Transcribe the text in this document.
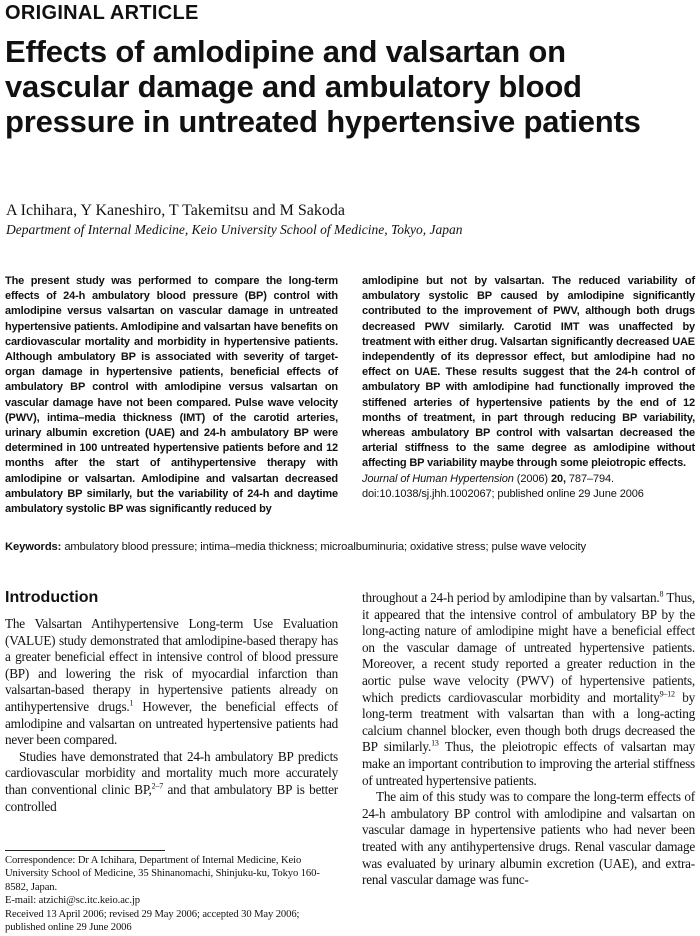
ORIGINAL ARTICLE
Effects of amlodipine and valsartan on vascular damage and ambulatory blood pressure in untreated hypertensive patients
A Ichihara, Y Kaneshiro, T Takemitsu and M Sakoda
Department of Internal Medicine, Keio University School of Medicine, Tokyo, Japan
The present study was performed to compare the long-term effects of 24-h ambulatory blood pressure (BP) control with amlodipine versus valsartan on vascular damage in untreated hypertensive patients. Amlodipine and valsartan have benefits on cardiovascular mortality and morbidity in hypertensive patients. Although ambulatory BP is associated with severity of target-organ damage in hypertensive patients, beneficial effects of ambulatory BP control with amlodipine versus valsartan on vascular damage have not been compared. Pulse wave velocity (PWV), intima–media thickness (IMT) of the carotid arteries, urinary albumin excretion (UAE) and 24-h ambulatory BP were determined in 100 untreated hypertensive patients before and 12 months after the start of antihypertensive therapy with amlodipine or valsartan. Amlodipine and valsartan decreased ambulatory BP similarly, but the variability of 24-h and daytime ambulatory systolic BP was significantly reduced by
amlodipine but not by valsartan. The reduced variability of ambulatory systolic BP caused by amlodipine significantly contributed to the improvement of PWV, although both drugs decreased PWV similarly. Carotid IMT was unaffected by treatment with either drug. Valsartan significantly decreased UAE independently of its depressor effect, but amlodipine had no effect on UAE. These results suggest that the 24-h control of ambulatory BP with amlodipine had functionally improved the stiffened arteries of hypertensive patients by the end of 12 months of treatment, in part through reducing BP variability, whereas ambulatory BP control with valsartan decreased the arterial stiffness to the same degree as amlodipine without affecting BP variability maybe through some pleiotropic effects.
Journal of Human Hypertension (2006) 20, 787–794.
doi:10.1038/sj.jhh.1002067; published online 29 June 2006
Keywords: ambulatory blood pressure; intima–media thickness; microalbuminuria; oxidative stress; pulse wave velocity
Introduction

The Valsartan Antihypertensive Long-term Use Evaluation (VALUE) study demonstrated that amlodipine-based therapy has a greater beneficial effect in intensive control of blood pressure (BP) and lowering the risk of myocardial infarction than valsartan-based therapy in hypertensive patients already on antihypertensive drugs.$^1$ However, the beneficial effects of amlodipine and valsartan on untreated hypertensive patients had never been compared.

Studies have demonstrated that 24-h ambulatory BP predicts cardiovascular morbidity and mortality much more accurately than conventional clinic BP,$^{2-7}$ and that ambulatory BP is better controlled

throughout a 24-h period by amlodipine than by valsartan.$^8$ Thus, it appeared that the intensive control of ambulatory BP by the long-acting nature of amlodipine might have a beneficial effect on the vascular damage of untreated hypertensive patients. Moreover, a recent study reported a greater reduction in the aortic pulse wave velocity (PWV) of hypertensive patients, which predicts cardiovascular morbidity and mortality$^{9-12}$ by long-term treatment with valsartan than with a long-acting calcium channel blocker, even though both drugs decreased the BP similarly.$^{13}$ Thus, the pleiotropic effects of valsartan may make an important contribution to improving the arterial stiffness of untreated hypertensive patients.

The aim of this study was to compare the long-term effects of 24-h ambulatory BP control with amlodipine and valsartan on vascular damage in hypertensive patients who had never been treated with any antihypertensive drugs. Renal vascular damage was evaluated by urinary albumin excretion (UAE), and extra-renal vascular damage was func-

Correspondence: Dr A Ichihara, Department of Internal Medicine, Keio University School of Medicine, 35 Shinanomachi, Shinjuku-ku, Tokyo 160-8582, Japan.
E-mail: atzichi@sc.itc.keio.ac.jp
Received 13 April 2006; revised 29 May 2006; accepted 30 May 2006; published online 29 June 2006
